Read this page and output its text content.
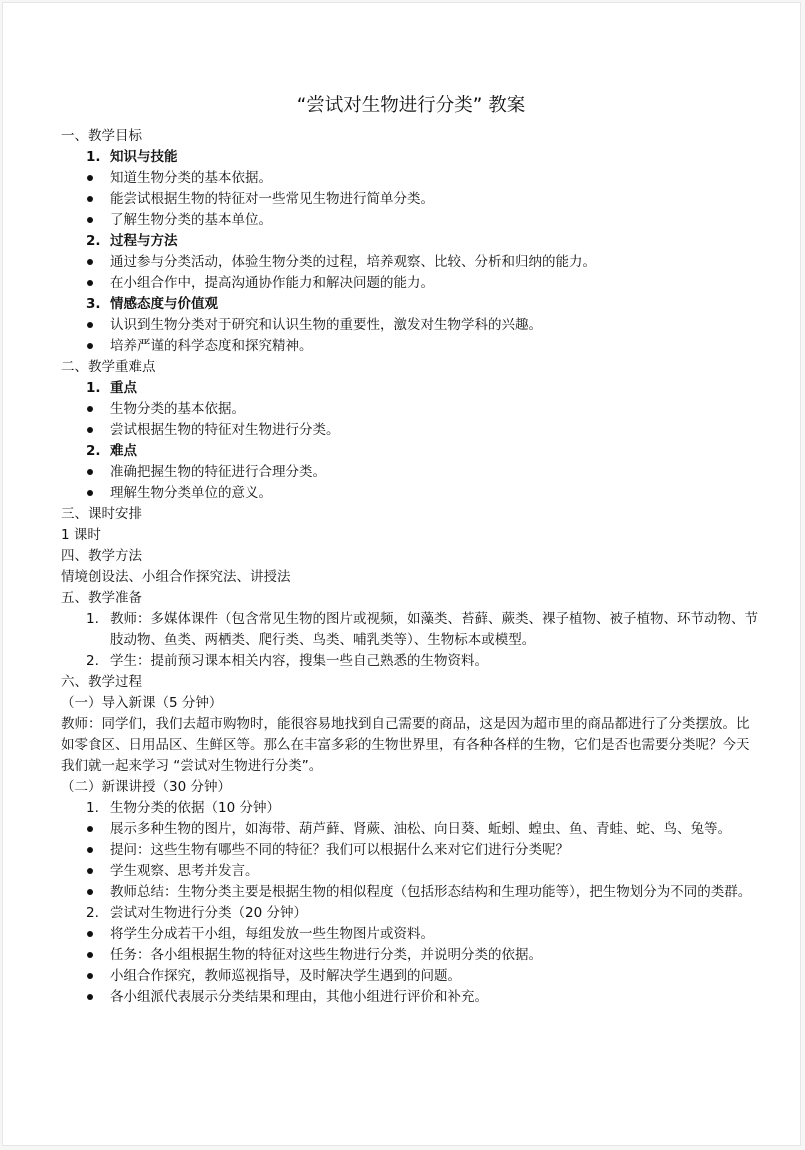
“尝试对生物进行分类” 教案

一、教学目标

1. 知识与技能

知道生物分类的基本依据。

能尝试根据生物的特征对一些常见生物进行简单分类。

了解生物分类的基本单位。

2. 过程与方法

通过参与分类活动，体验生物分类的过程，培养观察、比较、分析和归纳的能力。

在小组合作中，提高沟通协作能力和解决问题的能力。

3. 情感态度与价值观

认识到生物分类对于研究和认识生物的重要性，激发对生物学科的兴趣。

培养严谨的科学态度和探究精神。

二、教学重难点

1. 重点

生物分类的基本依据。

尝试根据生物的特征对生物进行分类。

2. 难点

准确把握生物的特征进行合理分类。

理解生物分类单位的意义。

三、课时安排

1 课时

四、教学方法

情境创设法、小组合作探究法、讲授法

五、教学准备

1. 教师：多媒体课件（包含常见生物的图片或视频，如藻类、苔藓、蕨类、裸子植物、被子植物、环节动物、节肢动物、鱼类、两栖类、爬行类、鸟类、哺乳类等）、生物标本或模型。

2. 学生：提前预习课本相关内容，搜集一些自己熟悉的生物资料。

六、教学过程

（一）导入新课（5 分钟）

教师：同学们，我们去超市购物时，能很容易地找到自己需要的商品，这是因为超市里的商品都进行了分类摆放。比如零食区、日用品区、生鲜区等。那么在丰富多彩的生物世界里，有各种各样的生物，它们是否也需要分类呢？今天我们就一起来学习 “尝试对生物进行分类”。

（二）新课讲授（30 分钟）

1. 生物分类的依据（10 分钟）

展示多种生物的图片，如海带、葫芦藓、肾蕨、油松、向日葵、蚯蚓、蝗虫、鱼、青蛙、蛇、鸟、兔等。

提问：这些生物有哪些不同的特征？我们可以根据什么来对它们进行分类呢？

学生观察、思考并发言。

教师总结：生物分类主要是根据生物的相似程度（包括形态结构和生理功能等），把生物划分为不同的类群。

2. 尝试对生物进行分类（20 分钟）

将学生分成若干小组，每组发放一些生物图片或资料。

任务：各小组根据生物的特征对这些生物进行分类，并说明分类的依据。

小组合作探究，教师巡视指导，及时解决学生遇到的问题。

各小组派代表展示分类结果和理由，其他小组进行评价和补充。
